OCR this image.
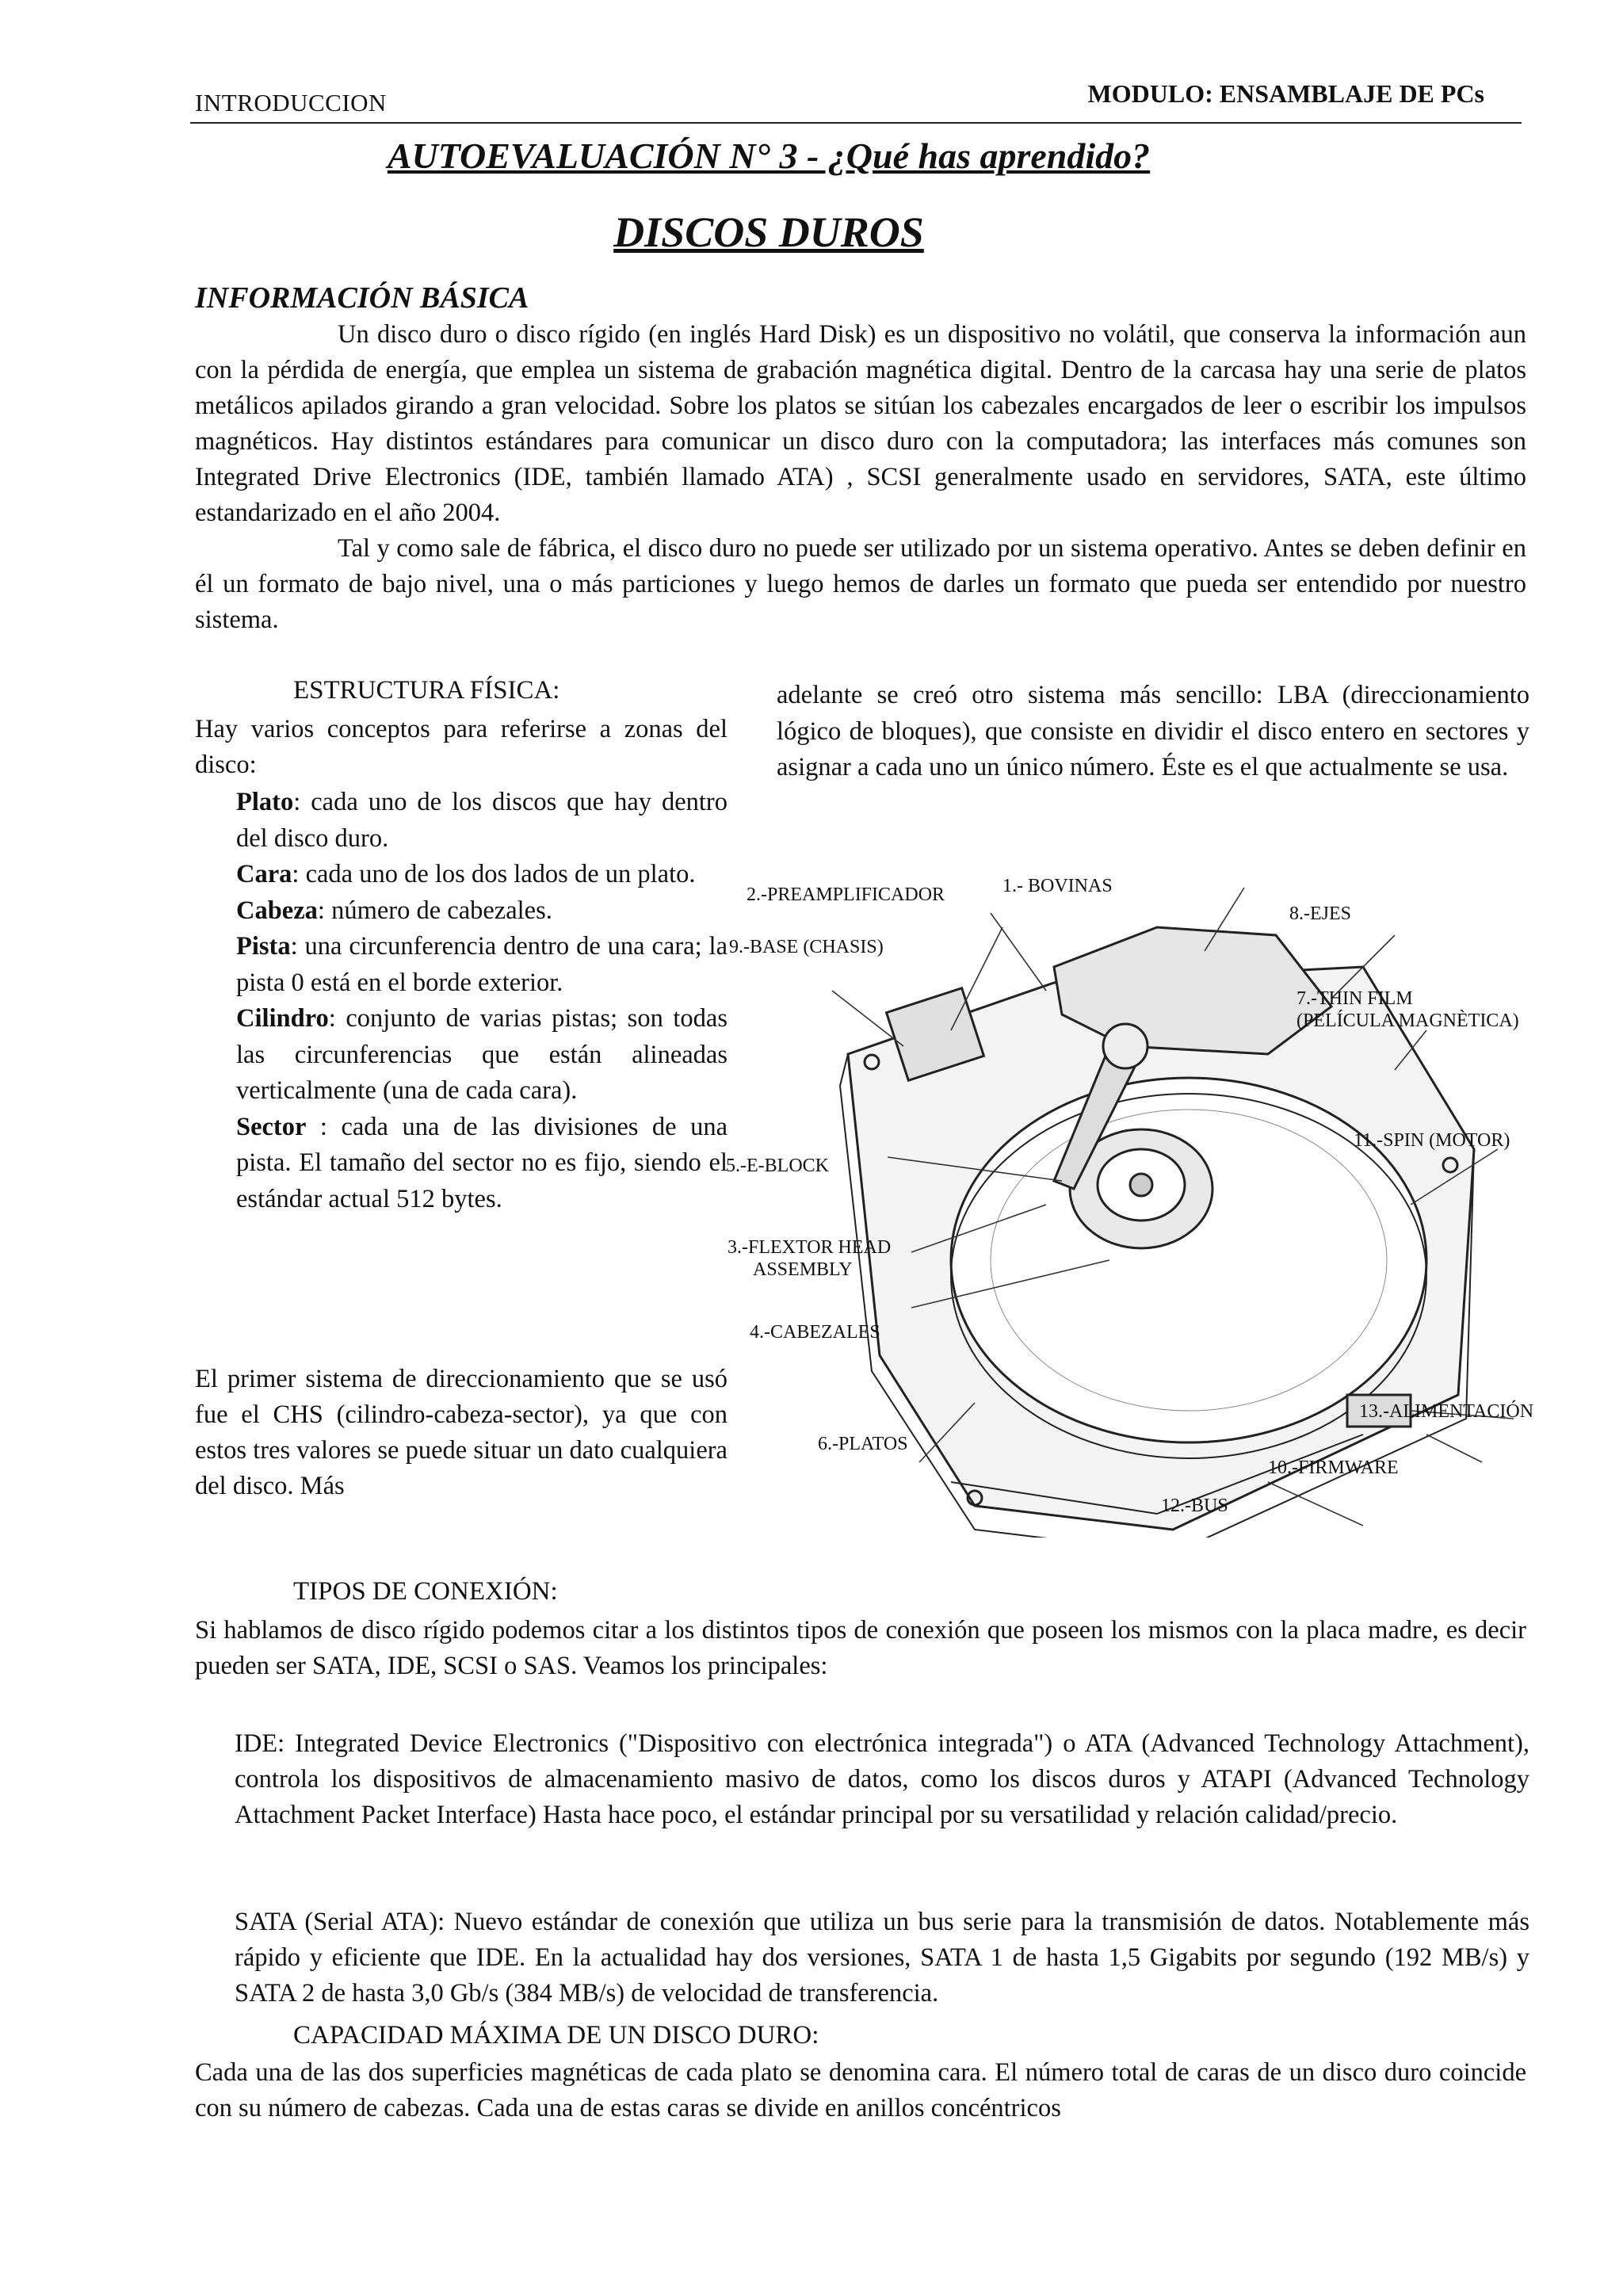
INTRODUCCION	MODULO: ENSAMBLAJE DE PCs
AUTOEVALUACIÓN N° 3 - ¿Qué has aprendido?
DISCOS DUROS
INFORMACIÓN BÁSICA

Un disco duro o disco rígido (en inglés Hard Disk) es un dispositivo no volátil, que conserva la información aun con la pérdida de energía, que emplea un sistema de grabación magnética digital. Dentro de la carcasa hay una serie de platos metálicos apilados girando a gran velocidad. Sobre los platos se sitúan los cabezales encargados de leer o escribir los impulsos magnéticos. Hay distintos estándares para comunicar un disco duro con la computadora; las interfaces más comunes son Integrated Drive Electronics (IDE, también llamado ATA) , SCSI generalmente usado en servidores, SATA, este último estandarizado en el año 2004.

Tal y como sale de fábrica, el disco duro no puede ser utilizado por un sistema operativo. Antes se deben definir en él un formato de bajo nivel, una o más particiones y luego hemos de darles un formato que pueda ser entendido por nuestro sistema.

ESTRUCTURA FÍSICA:

Hay varios conceptos para referirse a zonas del disco:

Plato: cada uno de los discos que hay dentro del disco duro.

Cara: cada uno de los dos lados de un plato.

Cabeza: número de cabezales.

Pista: una circunferencia dentro de una cara; la pista 0 está en el borde exterior.

Cilindro: conjunto de varias pistas; son todas las circunferencias que están alineadas verticalmente (una de cada cara).

Sector : cada una de las divisiones de una pista. El tamaño del sector no es fijo, siendo el estándar actual 512 bytes.

El primer sistema de direccionamiento que se usó fue el CHS (cilindro-cabeza-sector), ya que con estos tres valores se puede situar un dato cualquiera del disco. Más

adelante se creó otro sistema más sencillo: LBA (direccionamiento lógico de bloques), que consiste en dividir el disco entero en sectores y asignar a cada uno un único número. Éste es el que actualmente se usa.

1.- BOVINAS
2.-PREAMPLIFICADOR
8.-EJES
9.-BASE (CHASIS)
7.-THIN FILM
(PELÍCULA MAGNÈTICA)
11.-SPIN (MOTOR)
5.-E-BLOCK
3.-FLEXTOR HEAD
ASSEMBLY
4.-CABEZALES
13.-ALIMENTACIÓN
6.-PLATOS
10.-FIRMWARE
12.-BUS
TIPOS DE CONEXIÓN:

Si hablamos de disco rígido podemos citar a los distintos tipos de conexión que poseen los mismos con la placa madre, es decir pueden ser SATA, IDE, SCSI o SAS. Veamos los principales:

IDE: Integrated Device Electronics ("Dispositivo con electrónica integrada") o ATA (Advanced Technology Attachment), controla los dispositivos de almacenamiento masivo de datos, como los discos duros y ATAPI (Advanced Technology Attachment Packet Interface) Hasta hace poco, el estándar principal por su versatilidad y relación calidad/precio.

SATA (Serial ATA): Nuevo estándar de conexión que utiliza un bus serie para la transmisión de datos. Notablemente más rápido y eficiente que IDE. En la actualidad hay dos versiones, SATA 1 de hasta 1,5 Gigabits por segundo (192 MB/s) y SATA 2 de hasta 3,0 Gb/s (384 MB/s) de velocidad de transferencia.

CAPACIDAD MÁXIMA DE UN DISCO DURO:

Cada una de las dos superficies magnéticas de cada plato se denomina cara. El número total de caras de un disco duro coincide con su número de cabezas. Cada una de estas caras se divide en anillos concéntricos
